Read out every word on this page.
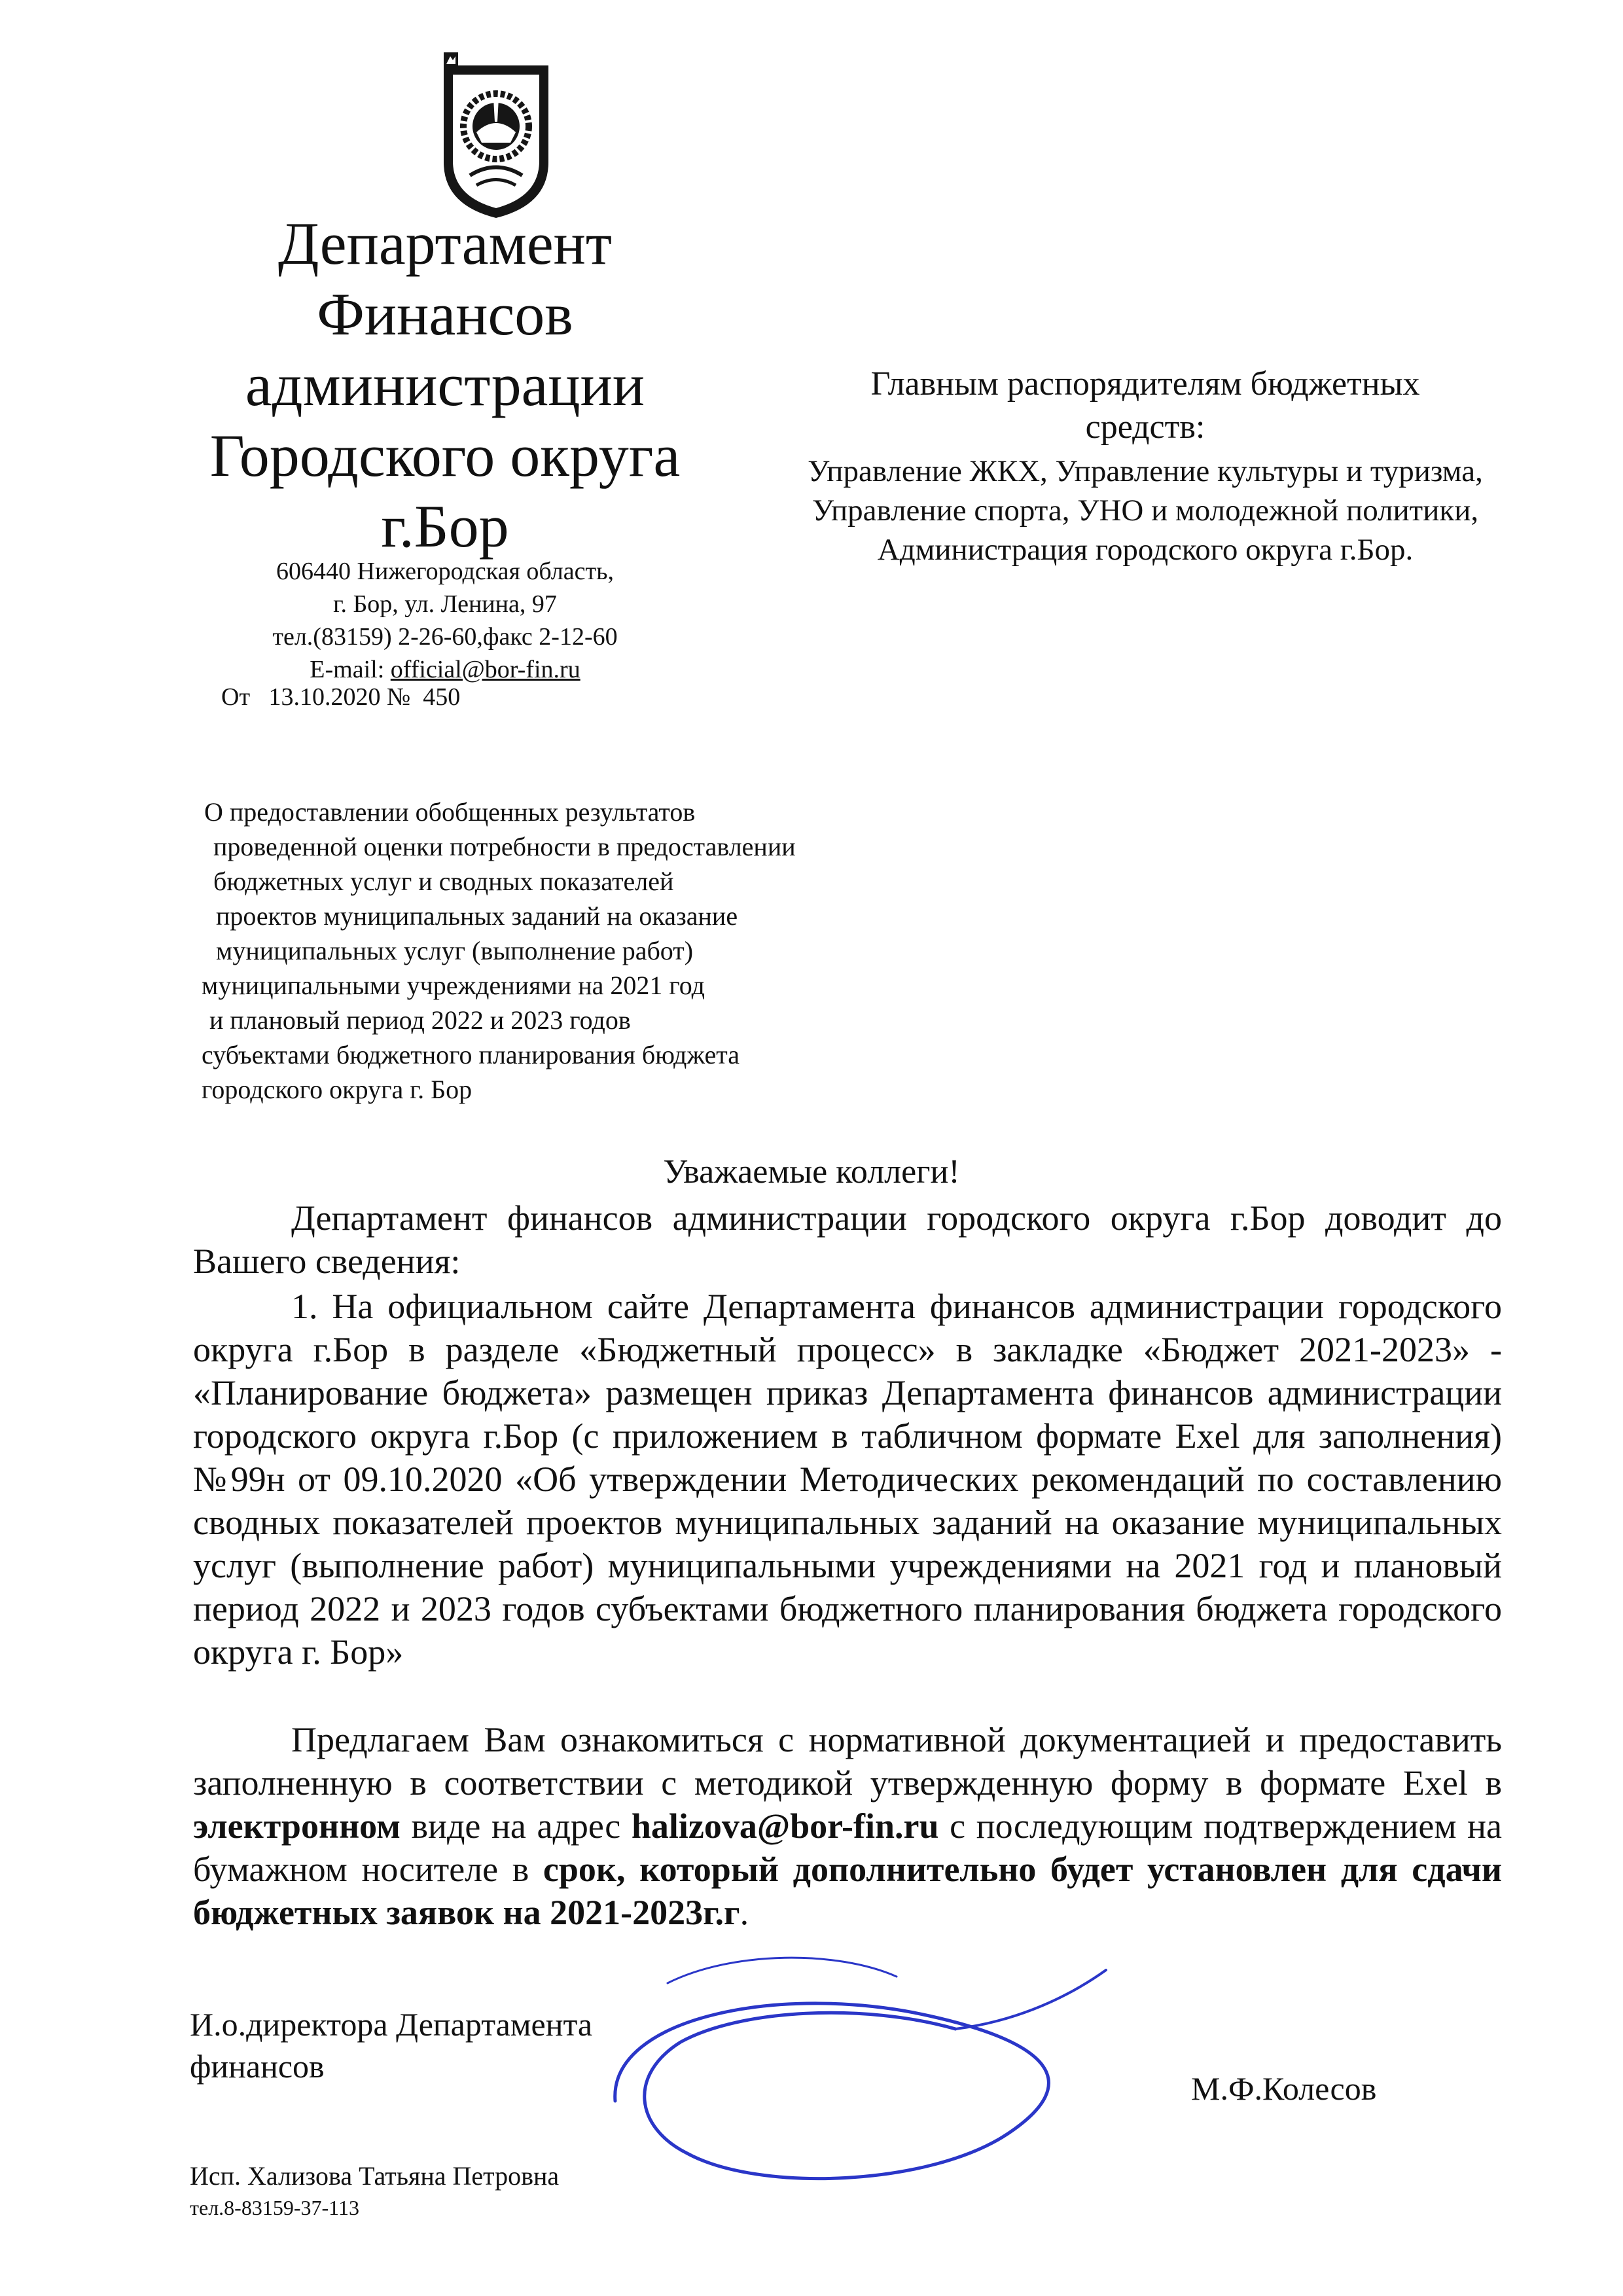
Департамент
Финансов
администрации
Городского округа
г.Бор
606440 Нижегородская область,
г. Бор, ул. Ленина, 97
тел.(83159) 2-26-60,факс 2-12-60
E-mail: official@bor-fin.ru
От   13.10.2020 №  450
Главным распорядителям бюджетных
средств:
Управление ЖКХ, Управление культуры и туризма,
Управление спорта, УНО и молодежной политики,
Администрация городского округа г.Бор.
О предоставлении обобщенных результатов
проведенной оценки потребности в предоставлении
бюджетных услуг и сводных показателей
проектов муниципальных заданий на оказание
муниципальных услуг (выполнение работ)
муниципальными учреждениями на 2021 год
и плановый период 2022 и 2023 годов
субъектами бюджетного планирования бюджета
городского округа г. Бор
Уважаемые коллеги!

Департамент финансов администрации городского округа г.Бор доводит до Вашего сведения:

1. На официальном сайте Департамента финансов администрации городского округа г.Бор в разделе «Бюджетный процесс» в закладке «Бюджет 2021-2023» - «Планирование бюджета» размещен приказ Департамента финансов администрации городского округа г.Бор (с приложением в табличном формате Exel для заполнения) №99н от 09.10.2020 «Об утверждении Методических рекомендаций по составлению сводных показателей проектов муниципальных заданий на оказание муниципальных услуг (выполнение работ) муниципальными учреждениями на 2021 год и плановый период 2022 и 2023 годов субъектами бюджетного планирования бюджета городского округа г. Бор»

Предлагаем Вам ознакомиться с нормативной документацией и предоставить заполненную в соответствии с методикой утвержденную форму в формате Exel в электронном виде на адрес halizova@bor-fin.ru с последующим подтверждением на бумажном носителе в срок, который дополнительно будет установлен для сдачи бюджетных заявок на 2021-2023г.г.

И.о.директора Департамента
финансов
М.Ф.Колесов
Исп. Хализова Татьяна Петровна
тел.8-83159-37-113
